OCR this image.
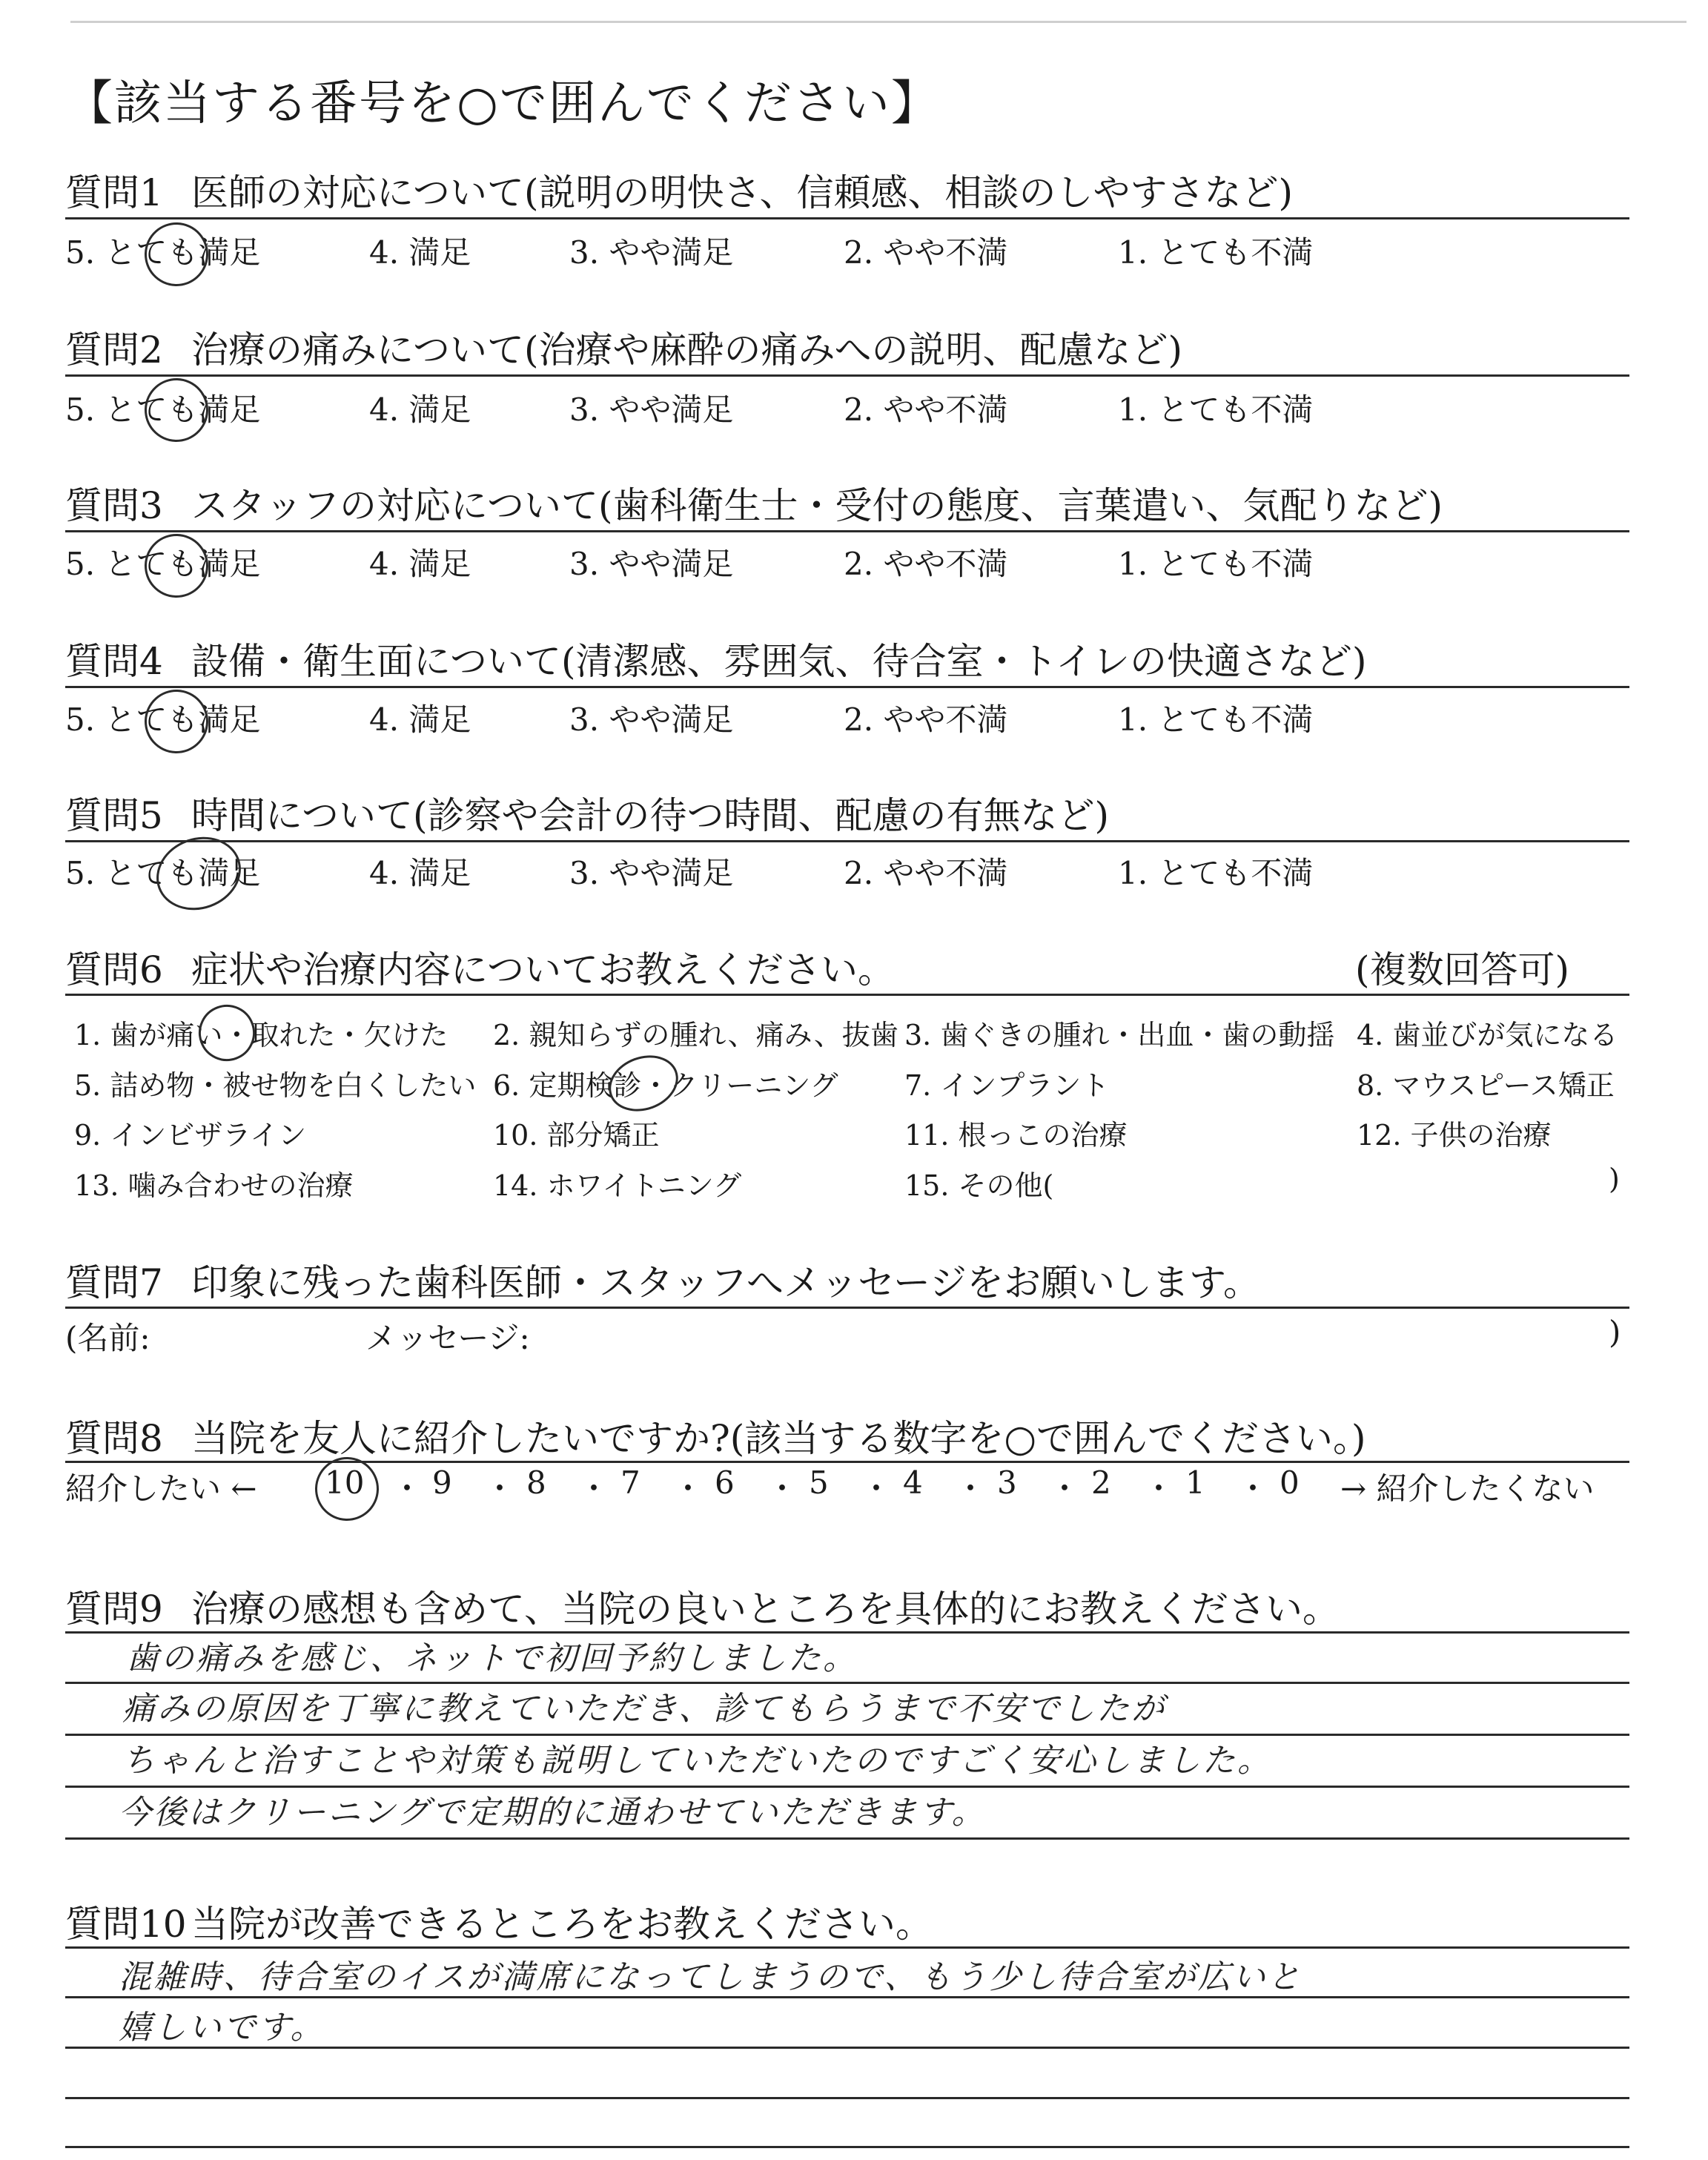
【該当する番号を○で囲んでください】
質問1 医師の対応について(説明の明快さ、信頼感、相談のしやすさなど)
5. とても満足	4. 満足	3. やや満足	2. やや不満	1. とても不満
質問2 治療の痛みについて(治療や麻酔の痛みへの説明、配慮など)
5. とても満足	4. 満足	3. やや満足	2. やや不満	1. とても不満
質問3 スタッフの対応について(歯科衛生士・受付の態度、言葉遣い、気配りなど)
5. とても満足	4. 満足	3. やや満足	2. やや不満	1. とても不満
質問4 設備・衛生面について(清潔感、雰囲気、待合室・トイレの快適さなど)
5. とても満足	4. 満足	3. やや満足	2. やや不満	1. とても不満
質問5 時間について(診察や会計の待つ時間、配慮の有無など)
5. とても満足	4. 満足	3. やや満足	2. やや不満	1. とても不満
質問6 症状や治療内容についてお教えください。	(複数回答可)
1. 歯が痛い・取れた・欠けた 2. 親知らずの腫れ、痛み、抜歯 3. 歯ぐきの腫れ・出血・歯の動揺 4. 歯並びが気になる
5. 詰め物・被せ物を白くしたい 6. 定期検診・クリーニング 7. インプラント	8. マウスピース矯正
9. インビザライン	10. 部分矯正	11. 根っこの治療	12. 子供の治療
13. 噛み合わせの治療	14. ホワイトニング	15. その他(	)
質問7 印象に残った歯科医師・スタッフへメッセージをお願いします。
(名前:	メッセージ:	)
質問8 当院を友人に紹介したいですか?(該当する数字を○で囲んでください。)
紹介したい ← 10 ・ 9 ・ 8 ・ 7 ・ 6 ・ 5 ・ 4 ・ 3 ・ 2 ・ 1 ・ 0 → 紹介したくない
質問9 治療の感想も含めて、当院の良いところを具体的にお教えください。
歯の痛みを感じ、ネットで初回予約しました。
痛みの原因を丁寧に教えていただき、診てもらうまで不安でしたが
ちゃんと治すことや対策も説明していただいたのですごく安心しました。
今後はクリーニングで定期的に通わせていただきます。
質問10 当院が改善できるところをお教えください。
混雑時、待合室のイスが満席になってしまうので、もう少し待合室が広いと
嬉しいです。
